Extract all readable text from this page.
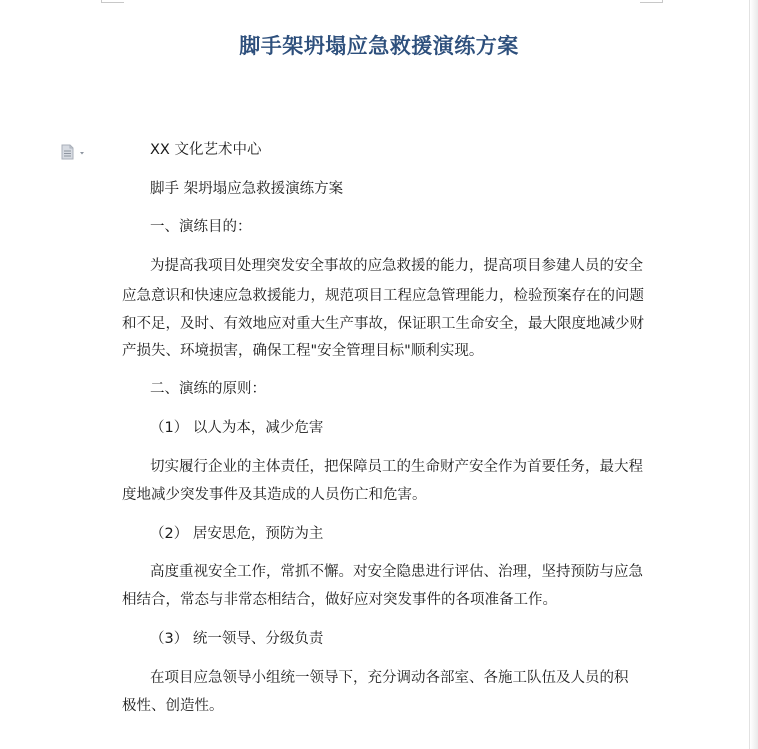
脚手架坍塌应急救援演练方案
XX 文化艺术中心
脚手 架坍塌应急救援演练方案
一、演练目的：
为提高我项目处理突发安全事故的应急救援的能力，提高项目参建人员的安全
应急意识和快速应急救援能力，规范项目工程应急管理能力，检验预案存在的问题
和不足，及时、有效地应对重大生产事故，保证职工生命安全，最大限度地减少财
产损失、环境损害，确保工程"安全管理目标"顺利实现。
二、演练的原则：
（1） 以人为本，减少危害
切实履行企业的主体责任，把保障员工的生命财产安全作为首要任务，最大程
度地减少突发事件及其造成的人员伤亡和危害。
（2） 居安思危，预防为主
高度重视安全工作，常抓不懈。对安全隐患进行评估、治理，坚持预防与应急
相结合，常态与非常态相结合，做好应对突发事件的各项准备工作。
（3） 统一领导、分级负责
在项目应急领导小组统一领导下，充分调动各部室、各施工队伍及人员的积
极性、创造性。
